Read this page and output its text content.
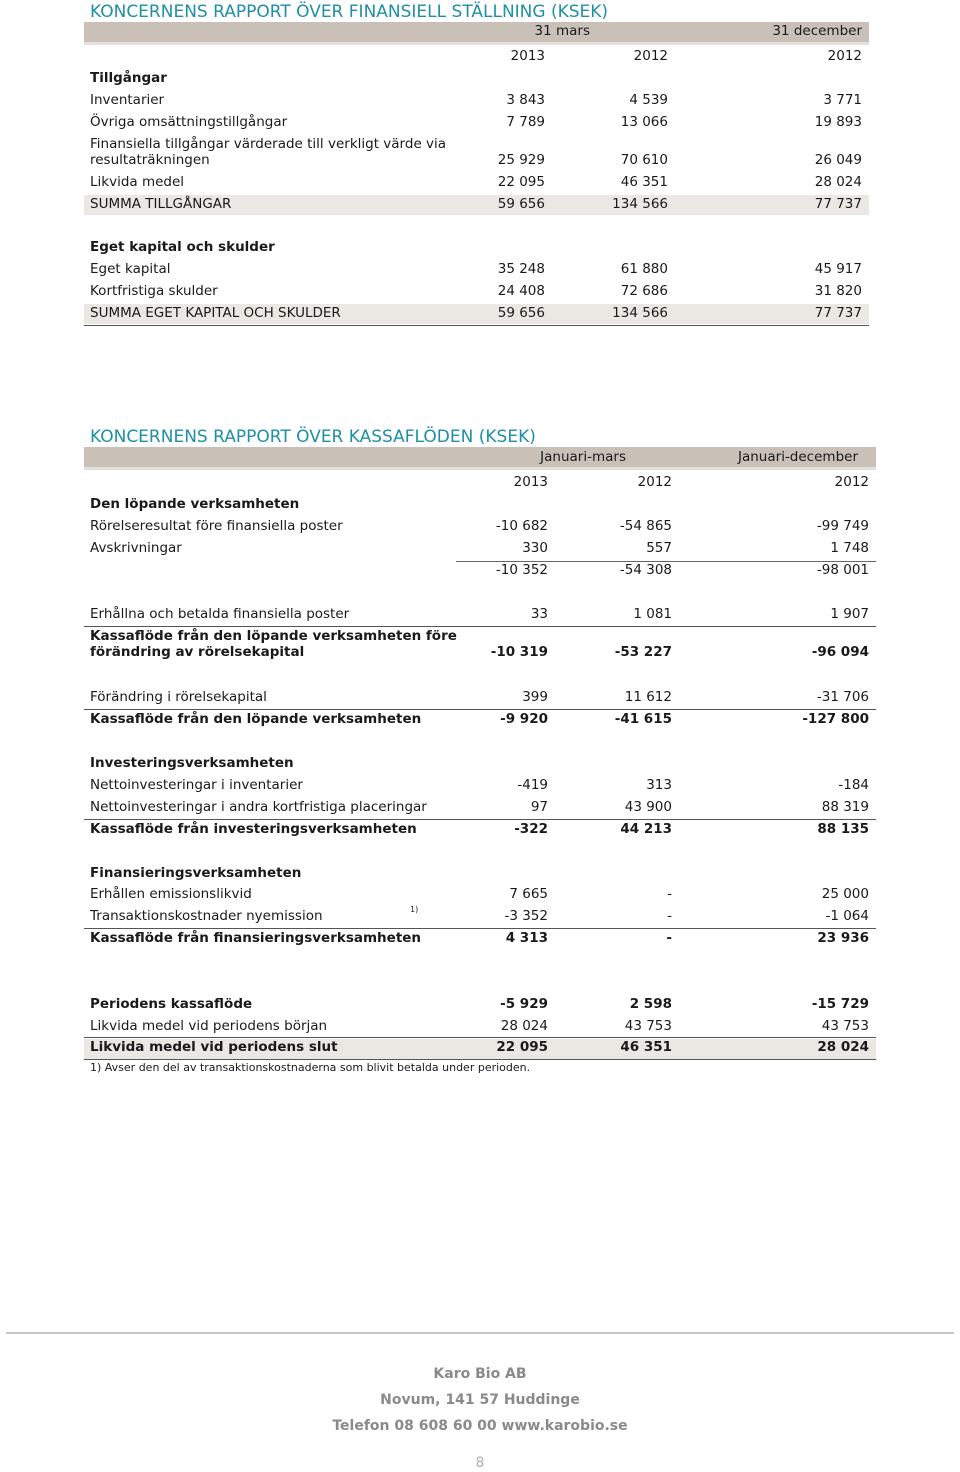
KONCERNENS RAPPORT ÖVER FINANSIELL STÄLLNING (KSEK)
31 mars	31 december
2013	2012	2012
Tillgångar
Inventarier	3 843	4 539	3 771
Övriga omsättningstillgångar	7 789	13 066	19 893
Finansiella tillgångar värderade till verkligt värde via
resultaträkningen	25 929	70 610	26 049
Likvida medel	22 095	46 351	28 024
SUMMA TILLGÅNGAR	59 656	134 566	77 737
Eget kapital och skulder
Eget kapital	35 248	61 880	45 917
Kortfristiga skulder	24 408	72 686	31 820
SUMMA EGET KAPITAL OCH SKULDER	59 656	134 566	77 737
KONCERNENS RAPPORT ÖVER KASSAFLÖDEN (KSEK)
Januari-mars	Januari-december
2013	2012	2012
Den löpande verksamheten
Rörelseresultat före finansiella poster	-10 682	-54 865	-99 749
Avskrivningar	330	557	1 748
-10 352	-54 308	-98 001
Erhållna och betalda finansiella poster	33	1 081	1 907
Kassaflöde från den löpande verksamheten före
förändring av rörelsekapital	-10 319	-53 227	-96 094
Förändring i rörelsekapital	399	11 612	-31 706
Kassaflöde från den löpande verksamheten	-9 920	-41 615	-127 800
Investeringsverksamheten
Nettoinvesteringar i inventarier	-419	313	-184
Nettoinvesteringar i andra kortfristiga placeringar	97	43 900	88 319
Kassaflöde från investeringsverksamheten	-322	44 213	88 135
Finansieringsverksamheten
Erhållen emissionslikvid	7 665	-	25 000
Transaktionskostnader nyemission	1)	-3 352	-	-1 064
Kassaflöde från finansieringsverksamheten	4 313	-	23 936
Periodens kassaflöde	-5 929	2 598	-15 729
Likvida medel vid periodens början	28 024	43 753	43 753
Likvida medel vid periodens slut	22 095	46 351	28 024
1) Avser den del av transaktionskostnaderna som blivit betalda under perioden.
Karo Bio AB
Novum, 141 57 Huddinge
Telefon 08 608 60 00 www.karobio.se
8
